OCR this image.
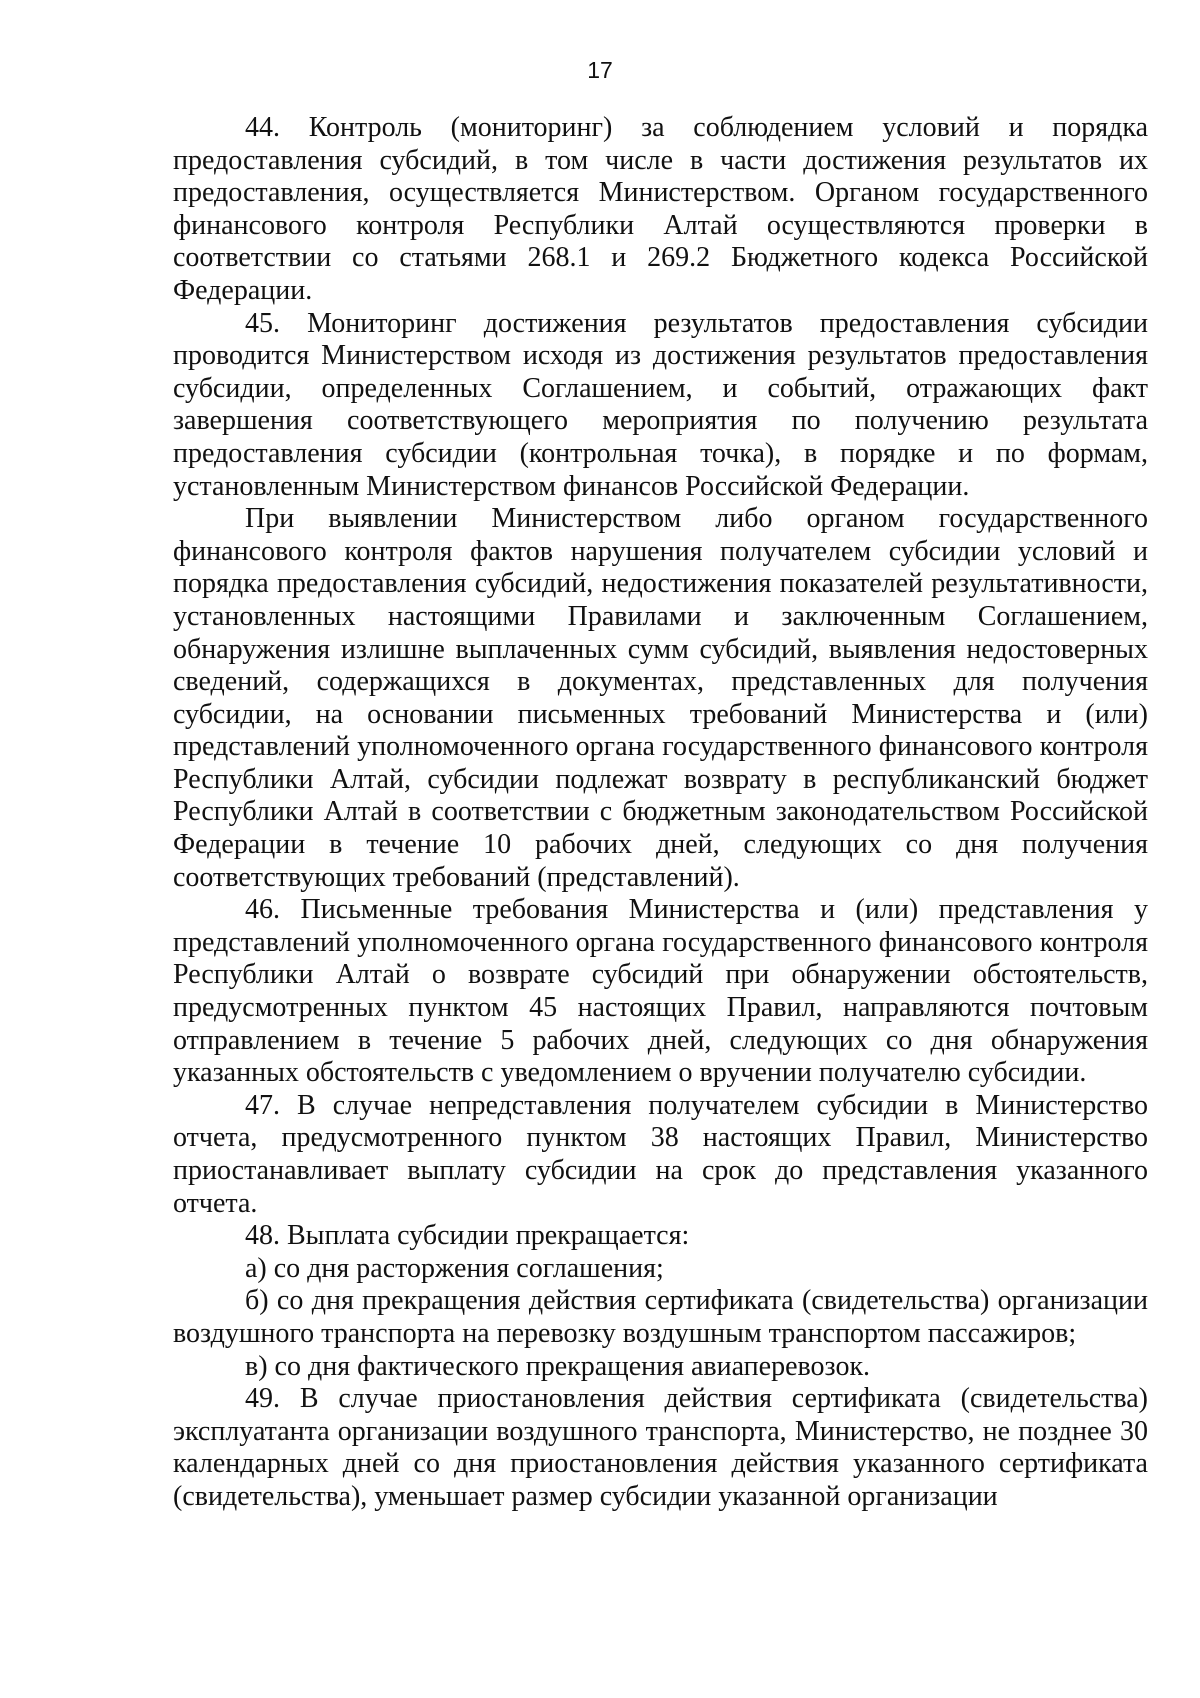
17

44. Контроль (мониторинг) за соблюдением условий и порядка предоставления субсидий, в том числе в части достижения результатов их предоставления, осуществляется Министерством. Органом государственного финансового контроля Республики Алтай осуществляются проверки в соответствии со статьями 268.1 и 269.2 Бюджетного кодекса Российской Федерации.

45. Мониторинг достижения результатов предоставления субсидии проводится Министерством исходя из достижения результатов предоставления субсидии, определенных Соглашением, и событий, отражающих факт завершения соответствующего мероприятия по получению результата предоставления субсидии (контрольная точка), в порядке и по формам, установленным Министерством финансов Российской Федерации.

При выявлении Министерством либо органом государственного финансового контроля фактов нарушения получателем субсидии условий и порядка предоставления субсидий, недостижения показателей результативности, установленных настоящими Правилами и заключенным Соглашением, обнаружения излишне выплаченных сумм субсидий, выявления недостоверных сведений, содержащихся в документах, представленных для получения субсидии, на основании письменных требований Министерства и (или) представлений уполномоченного органа государственного финансового контроля Республики Алтай, субсидии подлежат возврату в республиканский бюджет Республики Алтай в соответствии с бюджетным законодательством Российской Федерации в течение 10 рабочих дней, следующих со дня получения соответствующих требований (представлений).

46. Письменные требования Министерства и (или) представления у представлений уполномоченного органа государственного финансового контроля Республики Алтай о возврате субсидий при обнаружении обстоятельств, предусмотренных пунктом 45 настоящих Правил, направляются почтовым отправлением в течение 5 рабочих дней, следующих со дня обнаружения указанных обстоятельств с уведомлением о вручении получателю субсидии.

47. В случае непредставления получателем субсидии в Министерство отчета, предусмотренного пунктом 38 настоящих Правил, Министерство приостанавливает выплату субсидии на срок до представления указанного отчета.

48. Выплата субсидии прекращается:

а) со дня расторжения соглашения;

б) со дня прекращения действия сертификата (свидетельства) организации воздушного транспорта на перевозку воздушным транспортом пассажиров;

в) со дня фактического прекращения авиаперевозок.

49. В случае приостановления действия сертификата (свидетельства) эксплуатанта организации воздушного транспорта, Министерство, не позднее 30 календарных дней со дня приостановления действия указанного сертификата (свидетельства), уменьшает размер субсидии указанной организации
